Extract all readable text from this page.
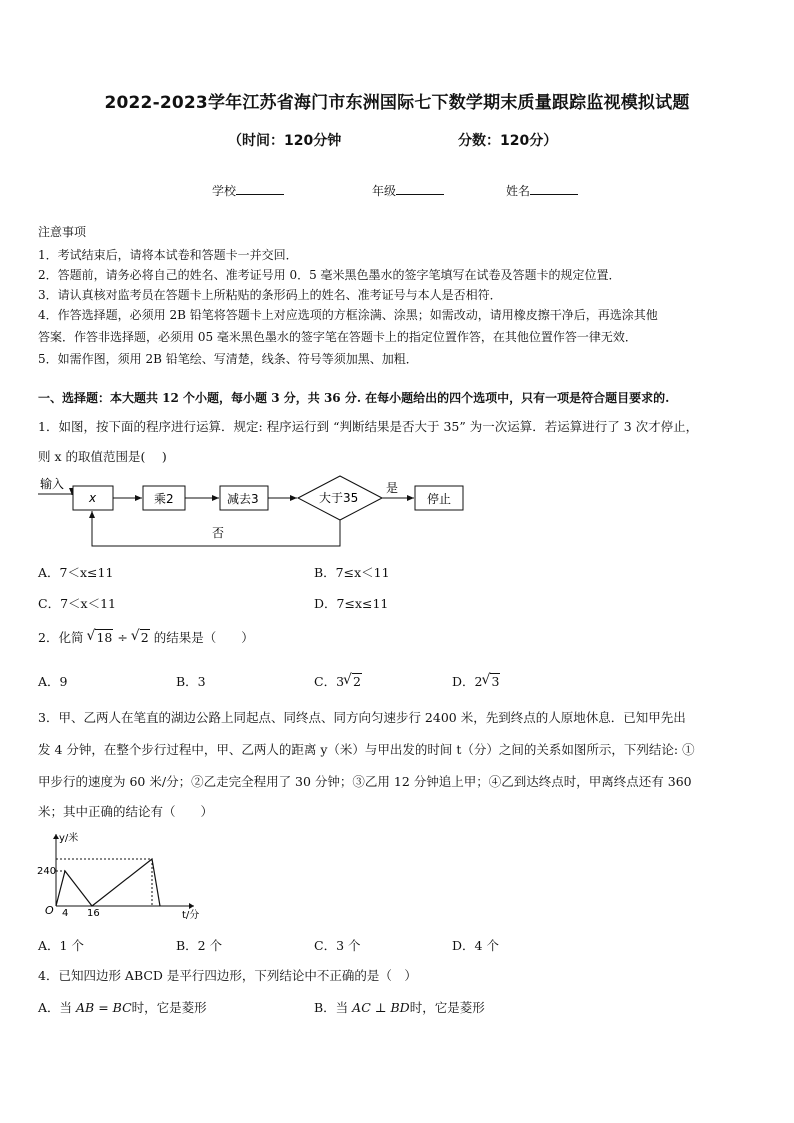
2022-2023学年江苏省海门市东洲国际七下数学期末质量跟踪监视模拟试题
（时间：120分钟	分数：120分）
学校	年级	姓名
注意事项
1．考试结束后，请将本试卷和答题卡一并交回．
2．答题前，请务必将自己的姓名、准考证号用 0．5 毫米黑色墨水的签字笔填写在试卷及答题卡的规定位置．
3．请认真核对监考员在答题卡上所粘贴的条形码上的姓名、准考证号与本人是否相符．
4．作答选择题，必须用 2B 铅笔将答题卡上对应选项的方框涂满、涂黑；如需改动，请用橡皮擦干净后，再选涂其他
答案．作答非选择题，必须用 05 毫米黑色墨水的签字笔在答题卡上的指定位置作答，在其他位置作答一律无效．
5．如需作图，须用 2B 铅笔绘、写清楚，线条、符号等须加黑、加粗．
一、选择题：本大题共 12 个小题，每小题 3 分，共 36 分. 在每小题给出的四个选项中，只有一项是符合题目要求的.
1．如图，按下面的程序进行运算．规定: 程序运行到 “判断结果是否大于 35” 为一次运算．若运算进行了 3 次才停止，
则 x 的取值范围是(　 )
输入
x	乘2	减去3	大于35
是
停止
否
A．7＜x≤11	B．7≤x＜11
C．7＜x＜11	D．7≤x≤11
2．化简 √ 18 ÷ √ 2 的结果是（　　）
A．9	B．3	C．3 √ 2	D．2 √ 3
3．甲、乙两人在笔直的湖边公路上同起点、同终点、同方向匀速步行 2400 米，先到终点的人原地休息．已知甲先出
发 4 分钟，在整个步行过程中，甲、乙两人的距离 y（米）与甲出发的时间 t（分）之间的关系如图所示，下列结论: ①
甲步行的速度为 60 米/分；②乙走完全程用了 30 分钟；③乙用 12 分钟追上甲；④乙到达终点时，甲离终点还有 360
米；其中正确的结论有（　　）
y/米
240
O 4 16	t/分
A．1 个	B．2 个	C．3 个	D．4 个
4．已知四边形 ABCD 是平行四边形，下列结论中不正确的是（　）
A．当 AB = BC时，它是菱形	B．当 AC ⊥ BD时，它是菱形
